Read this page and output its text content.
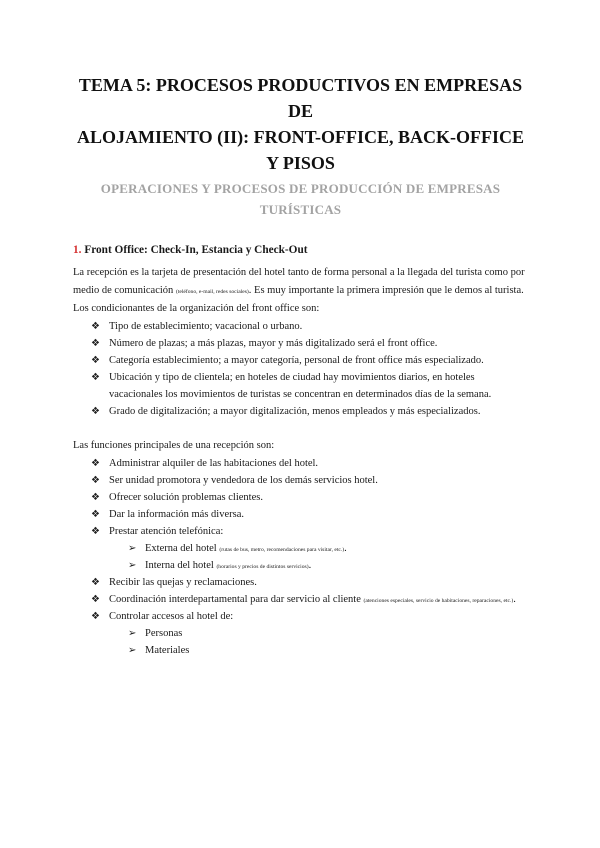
TEMA 5: PROCESOS PRODUCTIVOS EN EMPRESAS DE
ALOJAMIENTO (II): FRONT-OFFICE, BACK-OFFICE Y PISOS
OPERACIONES Y PROCESOS DE PRODUCCIÓN DE EMPRESAS
TURÍSTICAS
1. Front Office: Check-In, Estancia y Check-Out

La recepción es la tarjeta de presentación del hotel tanto de forma personal a la llegada del turista como por medio de comunicación (teléfono, e-mail, redes sociales). Es muy importante la primera impresión que le demos al turista. Los condicionantes de la organización del front office son:

❖ Tipo de establecimiento; vacacional o urbano.
❖ Número de plazas; a más plazas, mayor y más digitalizado será el front office.
❖ Categoría establecimiento; a mayor categoría, personal de front office más especializado.
❖ Ubicación y tipo de clientela; en hoteles de ciudad hay movimientos diarios, en hoteles vacacionales los movimientos de turistas se concentran en determinados días de la semana.
❖ Grado de digitalización; a mayor digitalización, menos empleados y más especializados.

Las funciones principales de una recepción son:

❖ Administrar alquiler de las habitaciones del hotel.
❖ Ser unidad promotora y vendedora de los demás servicios hotel.
❖ Ofrecer solución problemas clientes.
❖ Dar la información más diversa.
❖ Prestar atención telefónica:
➢ Externa del hotel (rutas de bus, metro, recomendaciones para visitar, etc.).
➢ Interna del hotel (horarios y precios de distintos servicios).
❖ Recibir las quejas y reclamaciones.
❖ Coordinación interdepartamental para dar servicio al cliente (atenciones especiales, servicio de habitaciones, reparaciones, etc.).
❖ Controlar accesos al hotel de:
➢ Personas
➢ Materiales
